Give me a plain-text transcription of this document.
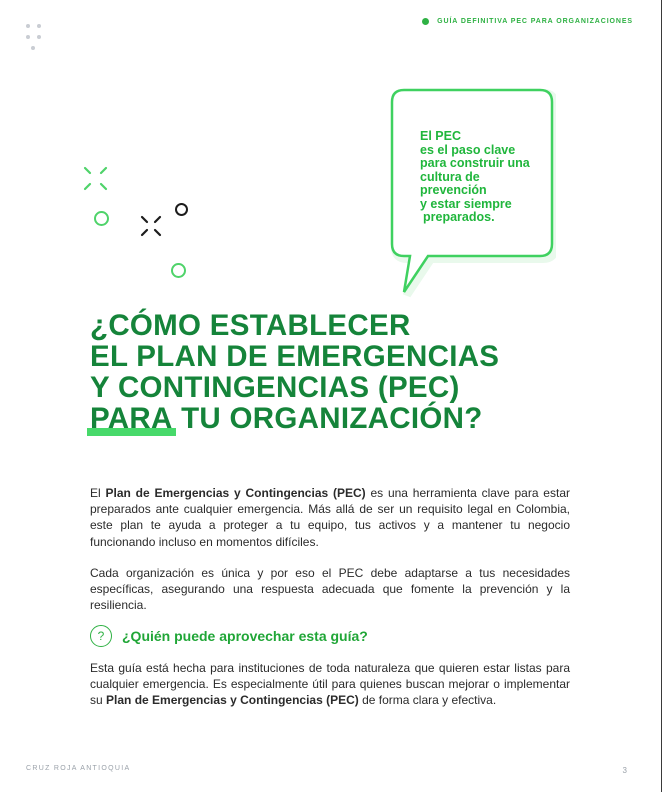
GUÍA DEFINITIVA PEC PARA ORGANIZACIONES

El PEC
es el paso clave
para construir una
cultura de
prevención
y estar siempre
preparados.

¿CÓMO ESTABLECER
EL PLAN DE EMERGENCIAS
Y CONTINGENCIAS (PEC)
PARA TU ORGANIZACIÓN?

El Plan de Emergencias y Contingencias (PEC) es una herramienta clave para estar preparados ante cualquier emergencia. Más allá de ser un requisito legal en Colombia, este plan te ayuda a proteger a tu equipo, tus activos y a mantener tu negocio funcionando incluso en momentos difíciles.

Cada organización es única y por eso el PEC debe adaptarse a tus necesidades específicas, asegurando una respuesta adecuada que fomente la prevención y la resiliencia.

?	¿Quién puede aprovechar esta guía?

Esta guía está hecha para instituciones de toda naturaleza que quieren estar listas para cualquier emergencia. Es especialmente útil para quienes buscan mejorar o implementar su Plan de Emergencias y Contingencias (PEC) de forma clara y efectiva.

CRUZ ROJA ANTIOQUIA	3
